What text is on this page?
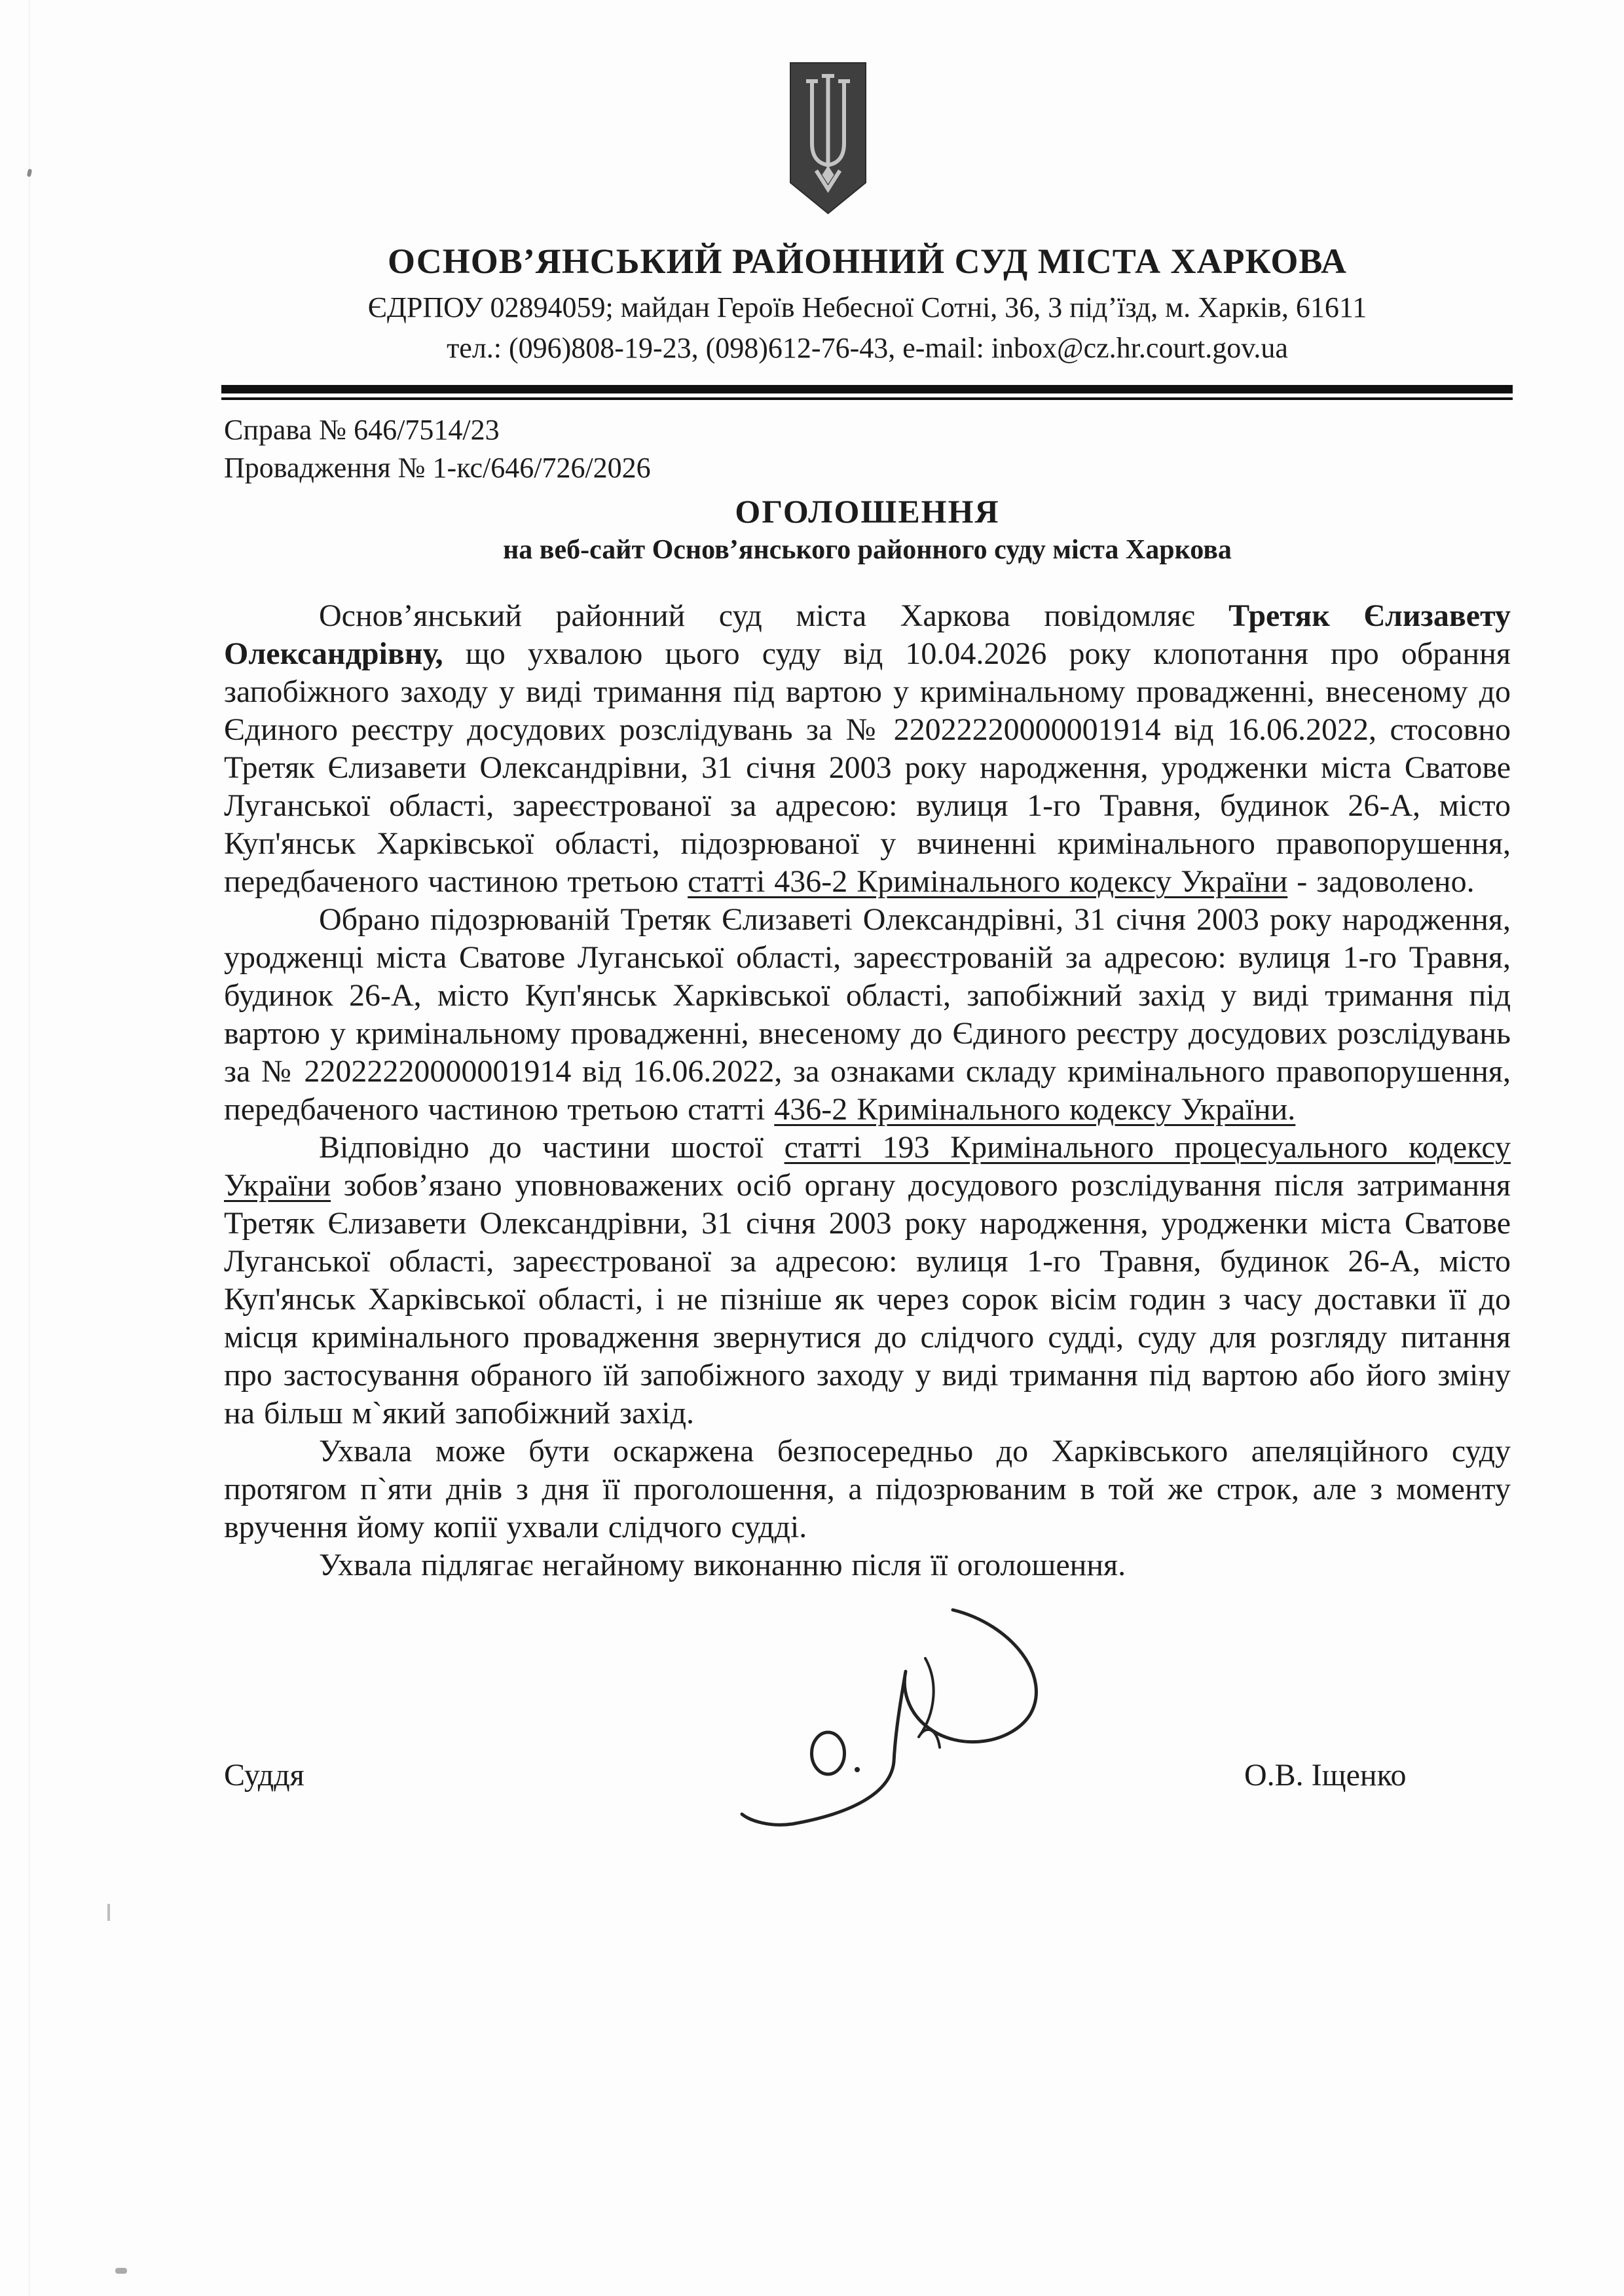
ОСНОВ’ЯНСЬКИЙ РАЙОННИЙ СУД МІСТА ХАРКОВА
ЄДРПОУ 02894059; майдан Героїв Небесної Сотні, 36, 3 під’їзд, м. Харків, 61611
тел.: (096)808-19-23, (098)612-76-43, e-mail: inbox@cz.hr.court.gov.ua
Справа № 646/7514/23
Провадження № 1-кс/646/726/2026
ОГОЛОШЕННЯ
на веб-сайт Основ’янського районного суду міста Харкова

Основ’янський районний суд міста Харкова повідомляє Третяк Єлизавету Олександрівну, що ухвалою цього суду від 10.04.2026 року клопотання про обрання запобіжного заходу у виді тримання під вартою у кримінальному провадженні, внесеному до Єдиного реєстру досудових розслідувань за № 22022220000001914 від 16.06.2022, стосовно Третяк Єлизавети Олександрівни, 31 січня 2003 року народження, уродженки міста Сватове Луганської області, зареєстрованої за адресою: вулиця 1-го Травня, будинок 26-А, місто Куп'янськ Харківської області, підозрюваної у вчиненні кримінального правопорушення, передбаченого частиною третьою статті 436-2 Кримінального кодексу України - задоволено.

Обрано підозрюваній Третяк Єлизаветі Олександрівні, 31 січня 2003 року народження, уродженці міста Сватове Луганської області, зареєстрованій за адресою: вулиця 1-го Травня, будинок 26-А, місто Куп'янськ Харківської області, запобіжний захід у виді тримання під вартою у кримінальному провадженні, внесеному до Єдиного реєстру досудових розслідувань за № 22022220000001914 від 16.06.2022, за ознаками складу кримінального правопорушення, передбаченого частиною третьою статті 436-2 Кримінального кодексу України.

Відповідно до частини шостої статті 193 Кримінального процесуального кодексу України зобов’язано уповноважених осіб органу досудового розслідування після затримання Третяк Єлизавети Олександрівни, 31 січня 2003 року народження, уродженки міста Сватове Луганської області, зареєстрованої за адресою: вулиця 1-го Травня, будинок 26-А, місто Куп'янськ Харківської області, і не пізніше як через сорок вісім годин з часу доставки її до місця кримінального провадження звернутися до слідчого судді, суду для розгляду питання про застосування обраного їй запобіжного заходу у виді тримання під вартою або його зміну на більш м`який запобіжний захід.

Ухвала може бути оскаржена безпосередньо до Харківського апеляційного суду протягом п`яти днів з дня її проголошення, а підозрюваним в той же строк, але з моменту вручення йому копії ухвали слідчого судді.

Ухвала підлягає негайному виконанню після її оголошення.

Суддя	О.В. Іщенко
